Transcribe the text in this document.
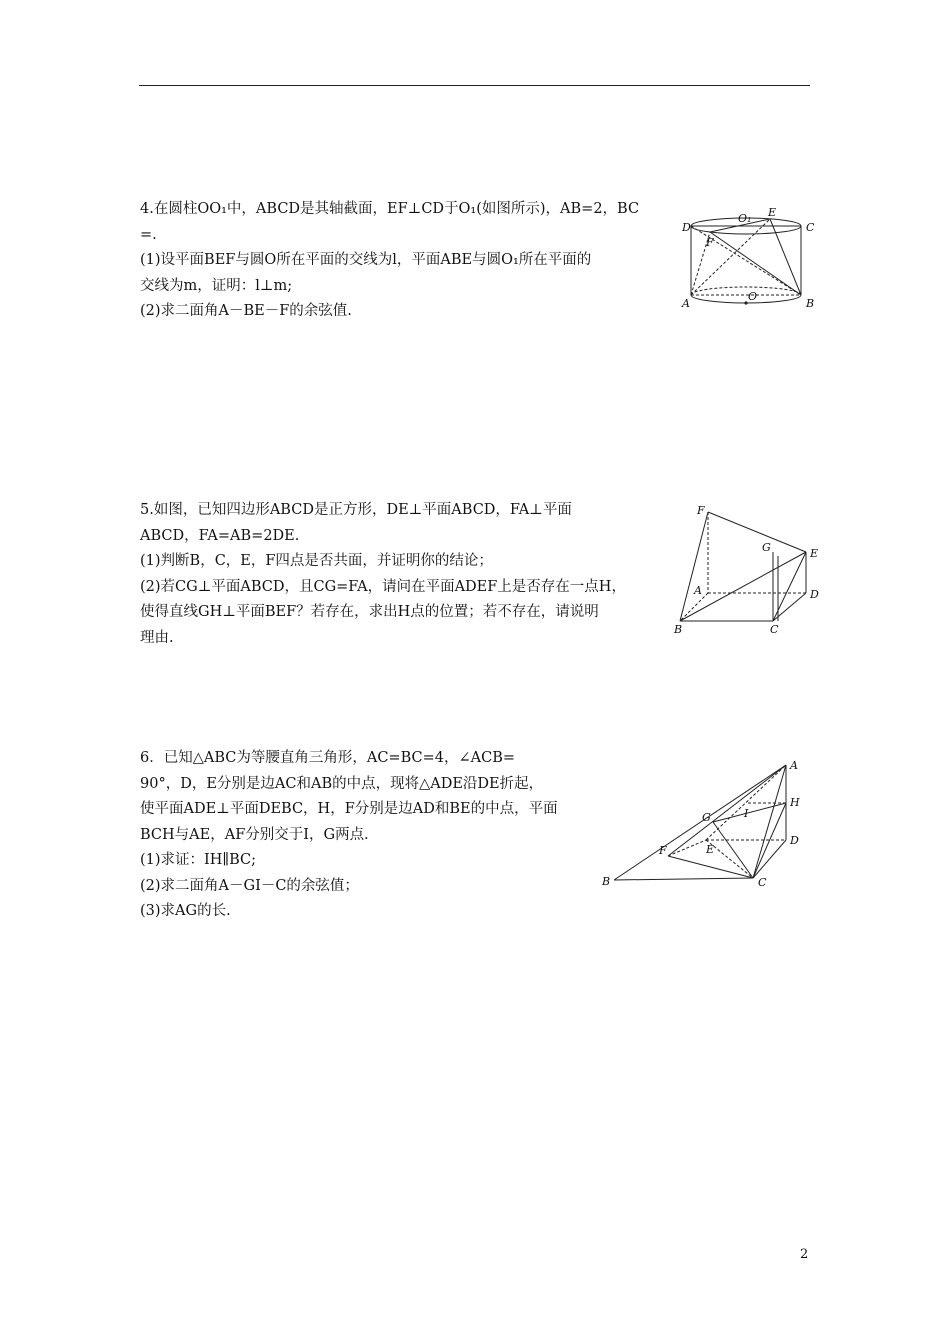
4.在圆柱OO₁中，ABCD是其轴截面，EF⊥CD于O₁(如图所示)，AB=2，BC

=.

(1)设平面BEF与圆O所在平面的交线为l，平面ABE与圆O₁所在平面的

交线为m，证明：l⊥m;

(2)求二面角A－BE－F的余弦值.

D
O₁ E
C
F
A
O
B

5.如图，已知四边形ABCD是正方形，DE⊥平面ABCD，FA⊥平面

ABCD，FA=AB=2DE.

(1)判断B，C，E，F四点是否共面，并证明你的结论；

(2)若CG⊥平面ABCD，且CG=FA，请问在平面ADEF上是否存在一点H，

使得直线GH⊥平面BEF？若存在，求出H点的位置；若不存在，请说明

理由.

F
G	E
A	D
B	C

6．已知△ABC为等腰直角三角形，AC=BC=4，∠ACB=

90°，D，E分别是边AC和AB的中点，现将△ADE沿DE折起，

使平面ADE⊥平面DEBC，H，F分别是边AD和BE的中点，平面

BCH与AE，AF分别交于I，G两点.

(1)求证：IH∥BC;

(2)求二面角A－GI－C的余弦值；

(3)求AG的长.

A
H
G	I
D
F	E
B	C
2
